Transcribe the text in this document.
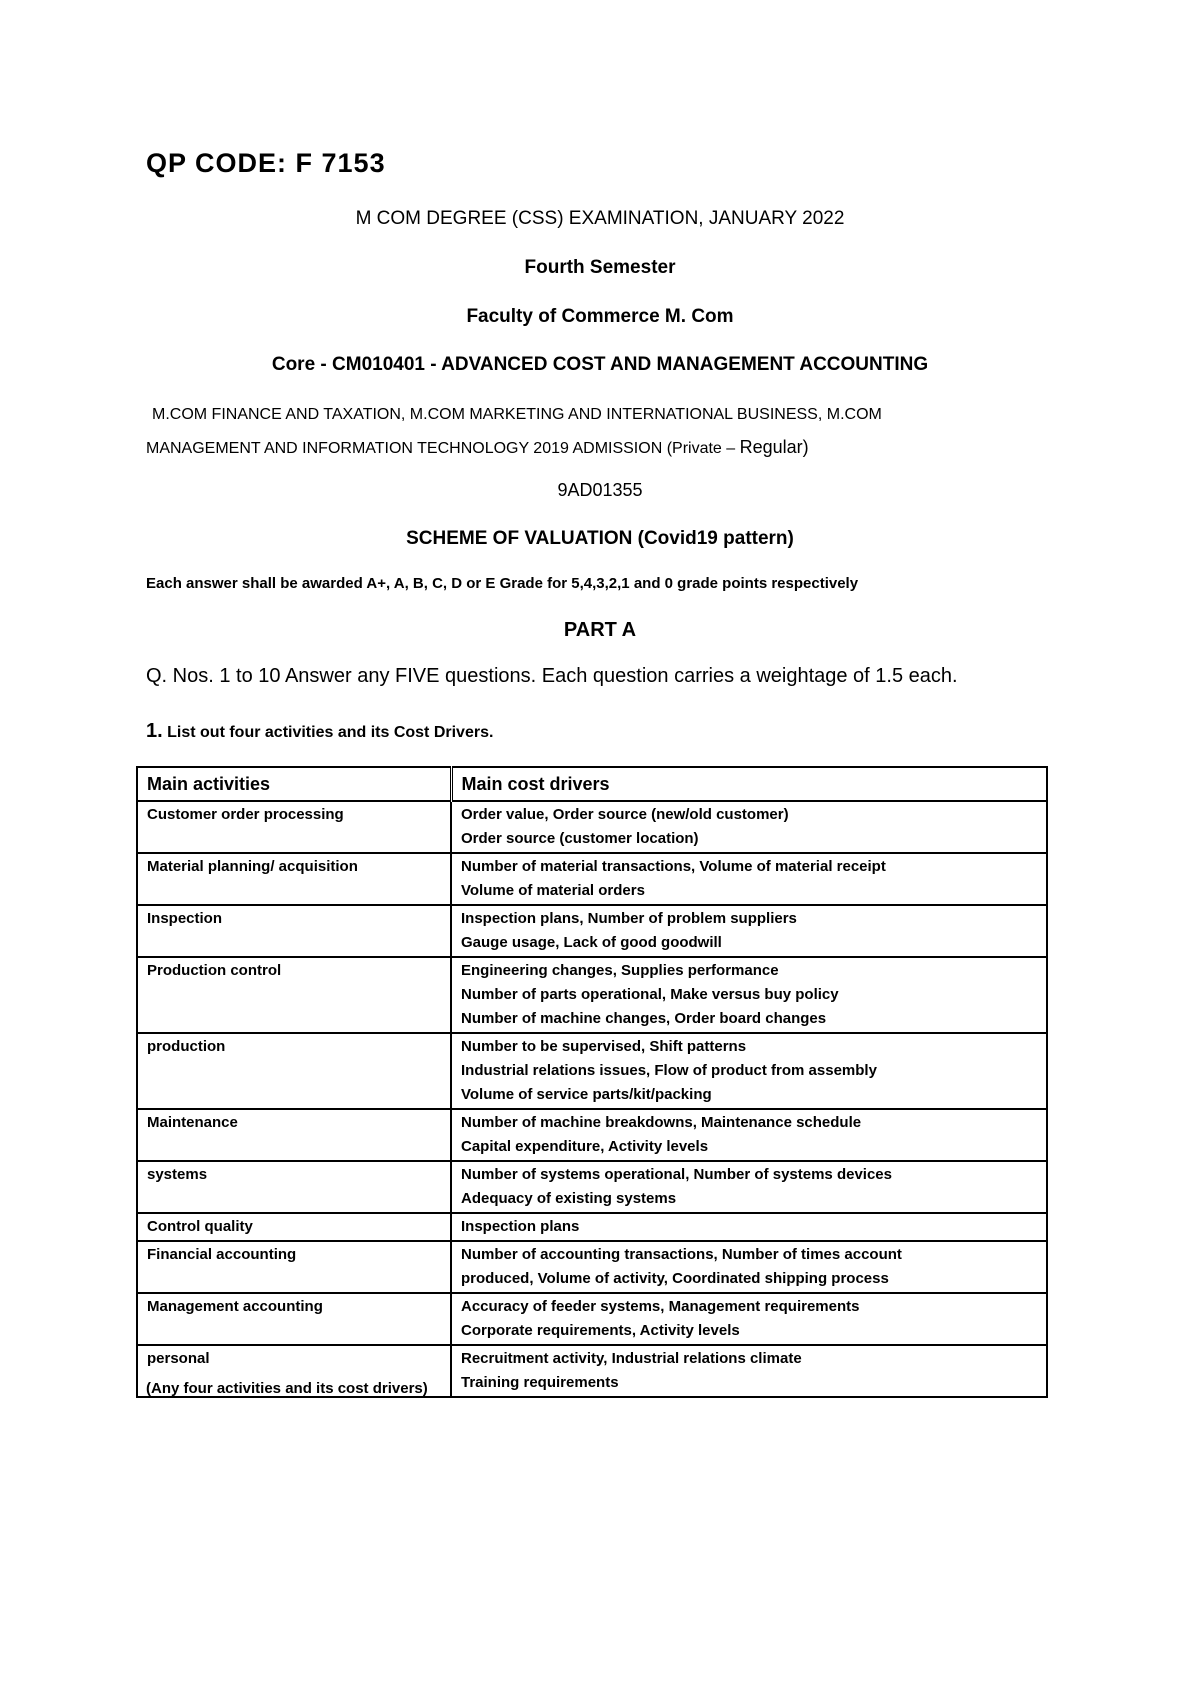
QP CODE: F 7153
M COM DEGREE (CSS) EXAMINATION, JANUARY 2022
Fourth Semester
Faculty of Commerce M. Com
Core - CM010401 - ADVANCED COST AND MANAGEMENT ACCOUNTING
M.COM FINANCE AND TAXATION, M.COM MARKETING AND INTERNATIONAL BUSINESS, M.COM
MANAGEMENT AND INFORMATION TECHNOLOGY 2019 ADMISSION (Private – Regular)
9AD01355
SCHEME OF VALUATION (Covid19 pattern)
Each answer shall be awarded A+, A, B, C, D or E Grade for 5,4,3,2,1 and 0 grade points respectively
PART A
Q. Nos. 1 to 10 Answer any FIVE questions. Each question carries a weightage of 1.5 each.
1. List out four activities and its Cost Drivers.
Main activities	Main cost drivers
Customer order processing	Order value, Order source (new/old customer)
Order source (customer location)

Material planning/ acquisition	Number of material transactions, Volume of material receipt
Volume of material orders

Inspection	Inspection plans, Number of problem suppliers
Gauge usage, Lack of good goodwill

Production control	Engineering changes, Supplies performance
Number of parts operational, Make versus buy policy
Number of machine changes, Order board changes

production	Number to be supervised, Shift patterns
Industrial relations issues, Flow of product from assembly
Volume of service parts/kit/packing

Maintenance	Number of machine breakdowns, Maintenance schedule
Capital expenditure, Activity levels

systems	Number of systems operational, Number of systems devices
Adequacy of existing systems

Control quality	Inspection plans

Financial accounting	Number of accounting transactions, Number of times account
produced, Volume of activity, Coordinated shipping process

Management accounting	Accuracy of feeder systems, Management requirements
Corporate requirements, Activity levels

personal	Recruitment activity, Industrial relations climate
Training requirements
(Any four activities and its cost drivers)
